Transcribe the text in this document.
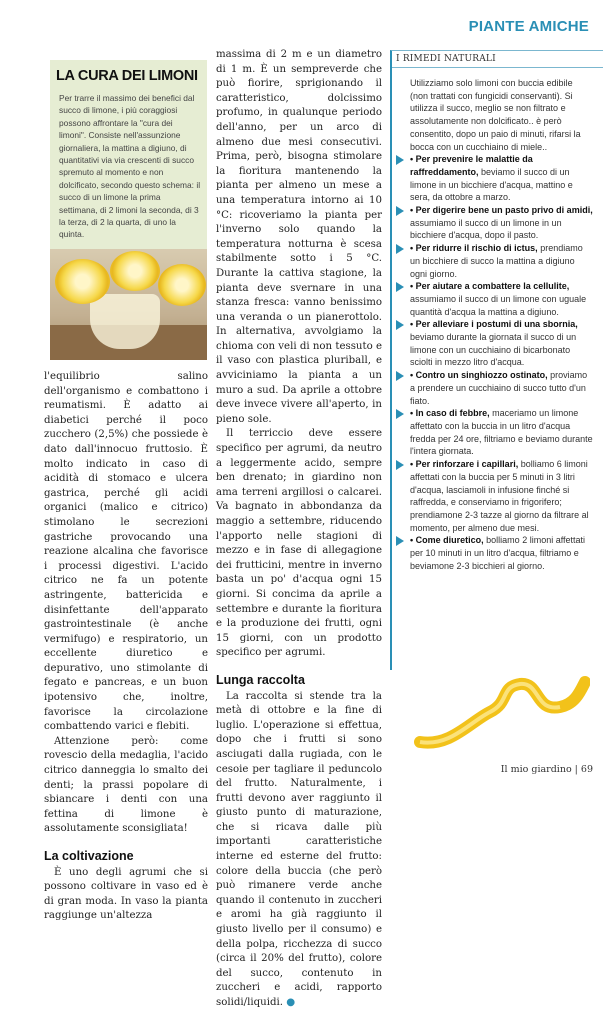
PIANTE AMICHE
LA CURA DEI LIMONI

Per trarre il massimo dei benefici dal succo di limone, i più coraggiosi possono affrontare la "cura dei limoni". Consiste nell'assunzione giornaliera, la mattina a digiuno, di quantitativi via via crescenti di succo spremuto al momento e non dolcificato, secondo questo schema: il succo di un limone la prima settimana, di 2 limoni la seconda, di 3 la terza, di 2 la quarta, di uno la quinta.

l'equilibrio salino dell'organismo e combattono i reumatismi. È adatto ai diabetici perché il poco zucchero (2,5%) che possiede è dato dall'innocuo fruttosio. È molto indicato in caso di acidità di stomaco e ulcera gastrica, perché gli acidi organici (malico e citrico) stimolano le secrezioni gastriche provocando una reazione alcalina che favorisce i processi digestivi. L'acido citrico ne fa un potente astringente, battericida e disinfettante dell'apparato gastrointestinale (è anche vermifugo) e respiratorio, un eccellente diuretico e depurativo, uno stimolante di fegato e pancreas, e un buon ipotensivo che, inoltre, favorisce la circolazione combattendo varici e flebiti.

Attenzione però: come rovescio della medaglia, l'acido citrico danneggia lo smalto dei denti; la prassi popolare di sbiancare i denti con una fettina di limone è assolutamente sconsigliata!

La coltivazione

È uno degli agrumi che si possono coltivare in vaso ed è di gran moda. In vaso la pianta raggiunge un'altezza

massima di 2 m e un diametro di 1 m. È un sempreverde che può fiorire, sprigionando il caratteristico, dolcissimo profumo, in qualunque periodo dell'anno, per un arco di almeno due mesi consecutivi. Prima, però, bisogna stimolare la fioritura mantenendo la pianta per almeno un mese a una temperatura intorno ai 10 °C: ricoveriamo la pianta per l'inverno solo quando la temperatura notturna è scesa stabilmente sotto i 5 °C. Durante la cattiva stagione, la pianta deve svernare in una stanza fresca: vanno benissimo una veranda o un pianerottolo. In alternativa, avvolgiamo la chioma con veli di non tessuto e il vaso con plastica pluriball, e avviciniamo la pianta a un muro a sud. Da aprile a ottobre deve invece vivere all'aperto, in pieno sole.

Il terriccio deve essere specifico per agrumi, da neutro a leggermente acido, sempre ben drenato; in giardino non ama terreni argillosi o calcarei. Va bagnato in abbondanza da maggio a settembre, riducendo l'apporto nelle stagioni di mezzo e in fase di allegagione dei frutticini, mentre in inverno basta un po' d'acqua ogni 15 giorni. Si concima da aprile a settembre e durante la fioritura e la produzione dei frutti, ogni 15 giorni, con un prodotto specifico per agrumi.

Lunga raccolta

La raccolta si stende tra la metà di ottobre e la fine di luglio. L'operazione si effettua, dopo che i frutti si sono asciugati dalla rugiada, con le cesoie per tagliare il peduncolo del frutto. Naturalmente, i frutti devono aver raggiunto il giusto punto di maturazione, che si ricava dalle più importanti caratteristiche interne ed esterne del frutto: colore della buccia (che però può rimanere verde anche quando il contenuto in zuccheri e aromi ha già raggiunto il giusto livello per il consumo) e della polpa, ricchezza di succo (circa il 20% del frutto), colore del succo, contenuto in zuccheri e acidi, rapporto solidi/liquidi. ●

I RIMEDI NATURALI
Utilizziamo solo limoni con buccia edibile (non trattati con fungicidi conservanti). Si utilizza il succo, meglio se non filtrato e assolutamente non dolcificato.. è però consentito, dopo un paio di minuti, rifarsi la bocca con un cucchiaino di miele..
• Per prevenire le malattie da raffreddamento, beviamo il succo di un limone in un bicchiere d'acqua, mattino e sera, da ottobre a marzo.
• Per digerire bene un pasto privo di amidi, assumiamo il succo di un limone in un bicchiere d'acqua, dopo il pasto.
• Per ridurre il rischio di ictus, prendiamo un bicchiere di succo la mattina a digiuno ogni giorno.
• Per aiutare a combattere la cellulite, assumiamo il succo di un limone con uguale quantità d'acqua la mattina a digiuno.
• Per alleviare i postumi di una sbornia, beviamo durante la giornata il succo di un limone con un cucchiaino di bicarbonato sciolti in mezzo litro d'acqua.
• Contro un singhiozzo ostinato, proviamo a prendere un cucchiaino di succo tutto d'un fiato.
• In caso di febbre, maceriamo un limone affettato con la buccia in un litro d'acqua fredda per 24 ore, filtriamo e beviamo durante l'intera giornata.
• Per rinforzare i capillari, bolliamo 6 limoni affettati con la buccia per 5 minuti in 3 litri d'acqua, lasciamoli in infusione finché si raffredda, e conserviamo in frigorifero; prendiamone 2-3 tazze al giorno da filtrare al momento, per almeno due mesi.
• Come diuretico, bolliamo 2 limoni affettati per 10 minuti in un litro d'acqua, filtriamo e beviamone 2-3 bicchieri al giorno.
Il mio giardino | 69
